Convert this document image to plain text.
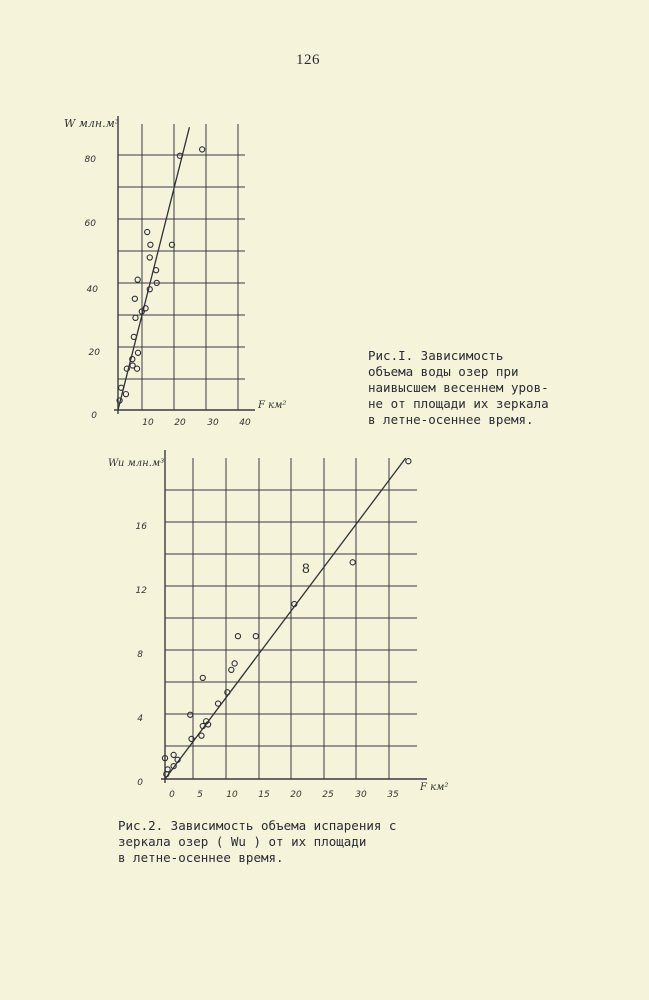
126
W млн.м³
F км²
10 20 30 40
0
20
40
60
80
Wu млн.м³
F км²
8
0 5	10 15 20 25 30 35
0
4
8
12
16
Рис.I. Зависимость
объема воды озер при
наивысшем весеннем уров-
не от площади их зеркала
в летне-осеннее время.
Рис.2. Зависимость объема испарения с
зеркала озер ( Wu ) от их площади
в летне-осеннее время.
